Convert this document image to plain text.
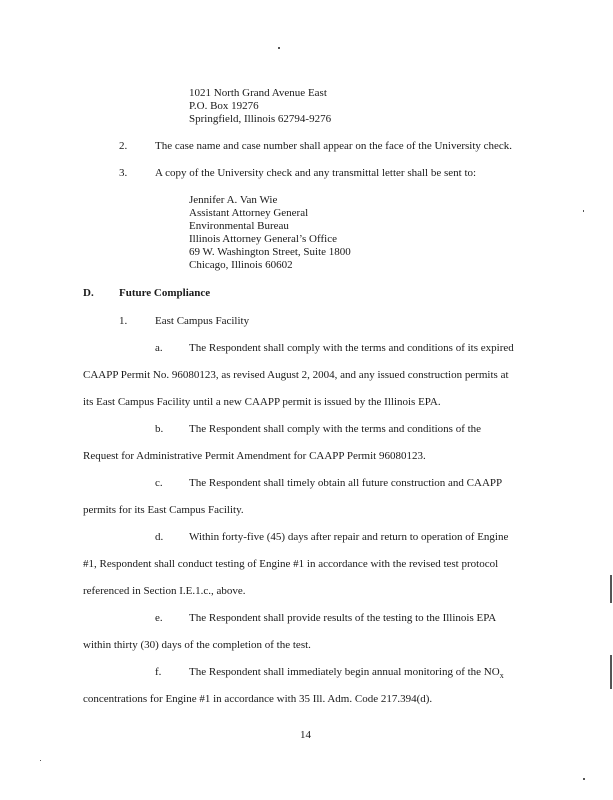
1021 North Grand Avenue East
P.O. Box 19276
Springfield, Illinois 62794-9276
2.	The case name and case number shall appear on the face of the University check.
3.	A copy of the University check and any transmittal letter shall be sent to:
Jennifer A. Van Wie
Assistant Attorney General
Environmental Bureau
Illinois Attorney General’s Office
69 W. Washington Street, Suite 1800
Chicago, Illinois 60602
D. Future Compliance
1.	East Campus Facility
a. The Respondent shall comply with the terms and conditions of its expired
CAAPP Permit No. 96080123, as revised August 2, 2004, and any issued construction permits at
its East Campus Facility until a new CAAPP permit is issued by the Illinois EPA.
b. The Respondent shall comply with the terms and conditions of the
Request for Administrative Permit Amendment for CAAPP Permit 96080123.
c. The Respondent shall timely obtain all future construction and CAAPP
permits for its East Campus Facility.
d. Within forty-five (45) days after repair and return to operation of Engine
#1, Respondent shall conduct testing of Engine #1 in accordance with the revised test protocol
referenced in Section I.E.1.c., above.
e. The Respondent shall provide results of the testing to the Illinois EPA
within thirty (30) days of the completion of the test.
f.	The Respondent shall immediately begin annual monitoring of the $NO_x$
concentrations for Engine #1 in accordance with 35 Ill. Adm. Code 217.394(d).
14
